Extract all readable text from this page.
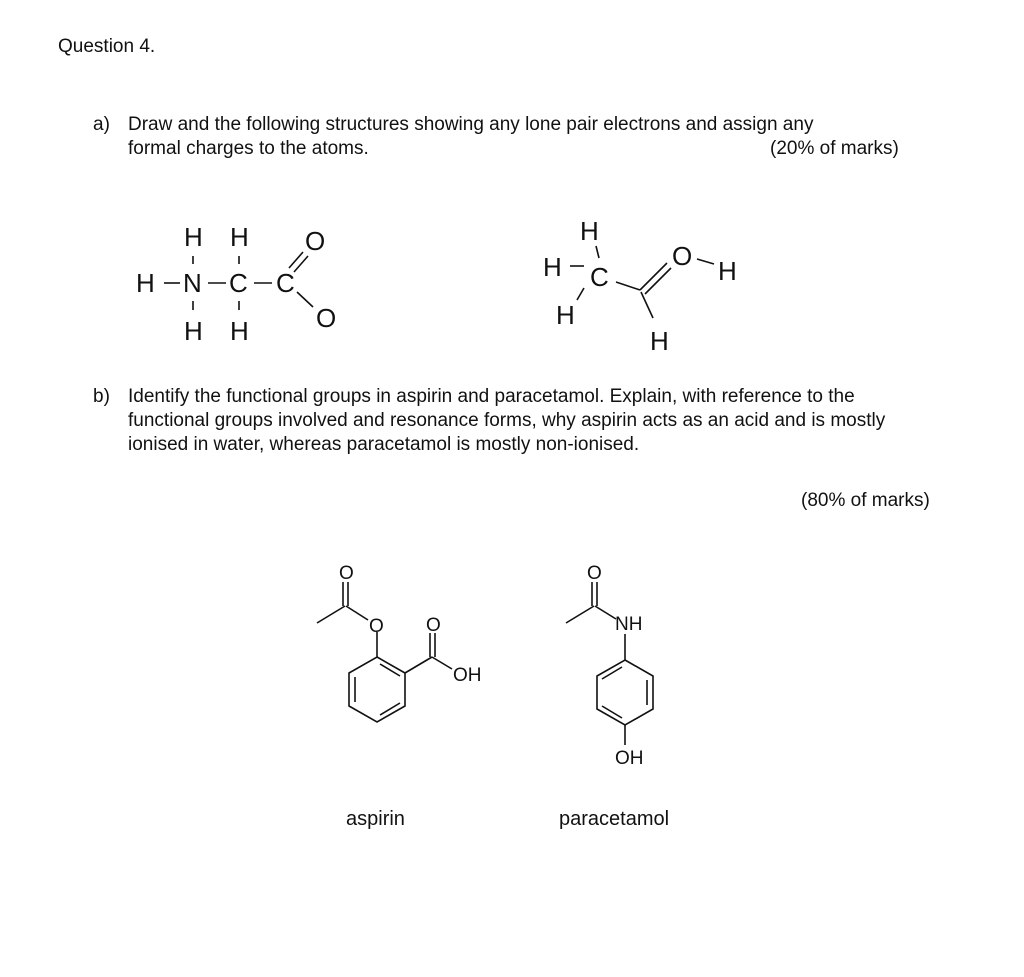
Question 4.
a) Draw and the following structures showing any lone pair electrons and assign any
formal charges to the atoms.	(20% of marks)
H H
H N C C
H H
O
O
H
H C
H
O H
H
b) Identify the functional groups in aspirin and paracetamol. Explain, with reference to the
functional groups involved and resonance forms, why aspirin acts as an acid and is mostly
ionised in water, whereas paracetamol is mostly non-ionised.
(80% of marks)
O
O O
OH
O
NH
OH
aspirin	paracetamol
